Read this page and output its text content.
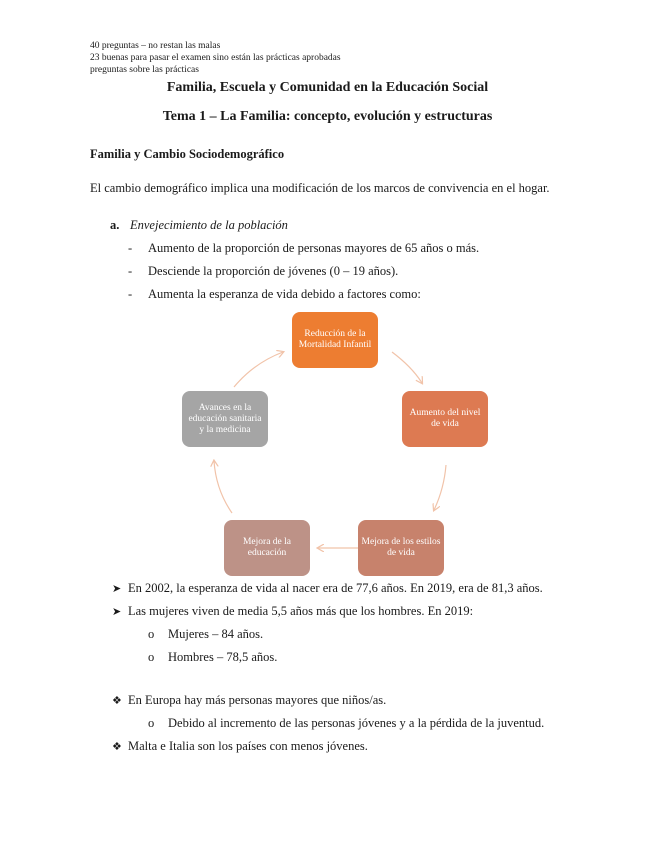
40 preguntas – no restan las malas
23 buenas para pasar el examen sino están las prácticas aprobadas
preguntas sobre las prácticas
Familia, Escuela y Comunidad en la Educación Social
Tema 1 – La Familia: concepto, evolución y estructuras
Familia y Cambio Sociodemográfico
El cambio demográfico implica una modificación de los marcos de convivencia en el hogar.
a. Envejecimiento de la población
- Aumento de la proporción de personas mayores de 65 años o más.
- Desciende la proporción de jóvenes (0 – 19 años).
- Aumenta la esperanza de vida debido a factores como:
Reducción de la Mortalidad Infantil
Aumento del nivel de vida
Mejora de los estilos de vida
Mejora de la educación
Avances en la educación sanitaria y la medicina
➤ En 2002, la esperanza de vida al nacer era de 77,6 años. En 2019, era de 81,3 años.
➤ Las mujeres viven de media 5,5 años más que los hombres. En 2019:
o Mujeres – 84 años.
o Hombres – 78,5 años.
❖ En Europa hay más personas mayores que niños/as.
o Debido al incremento de las personas jóvenes y a la pérdida de la juventud.
❖ Malta e Italia son los países con menos jóvenes.
